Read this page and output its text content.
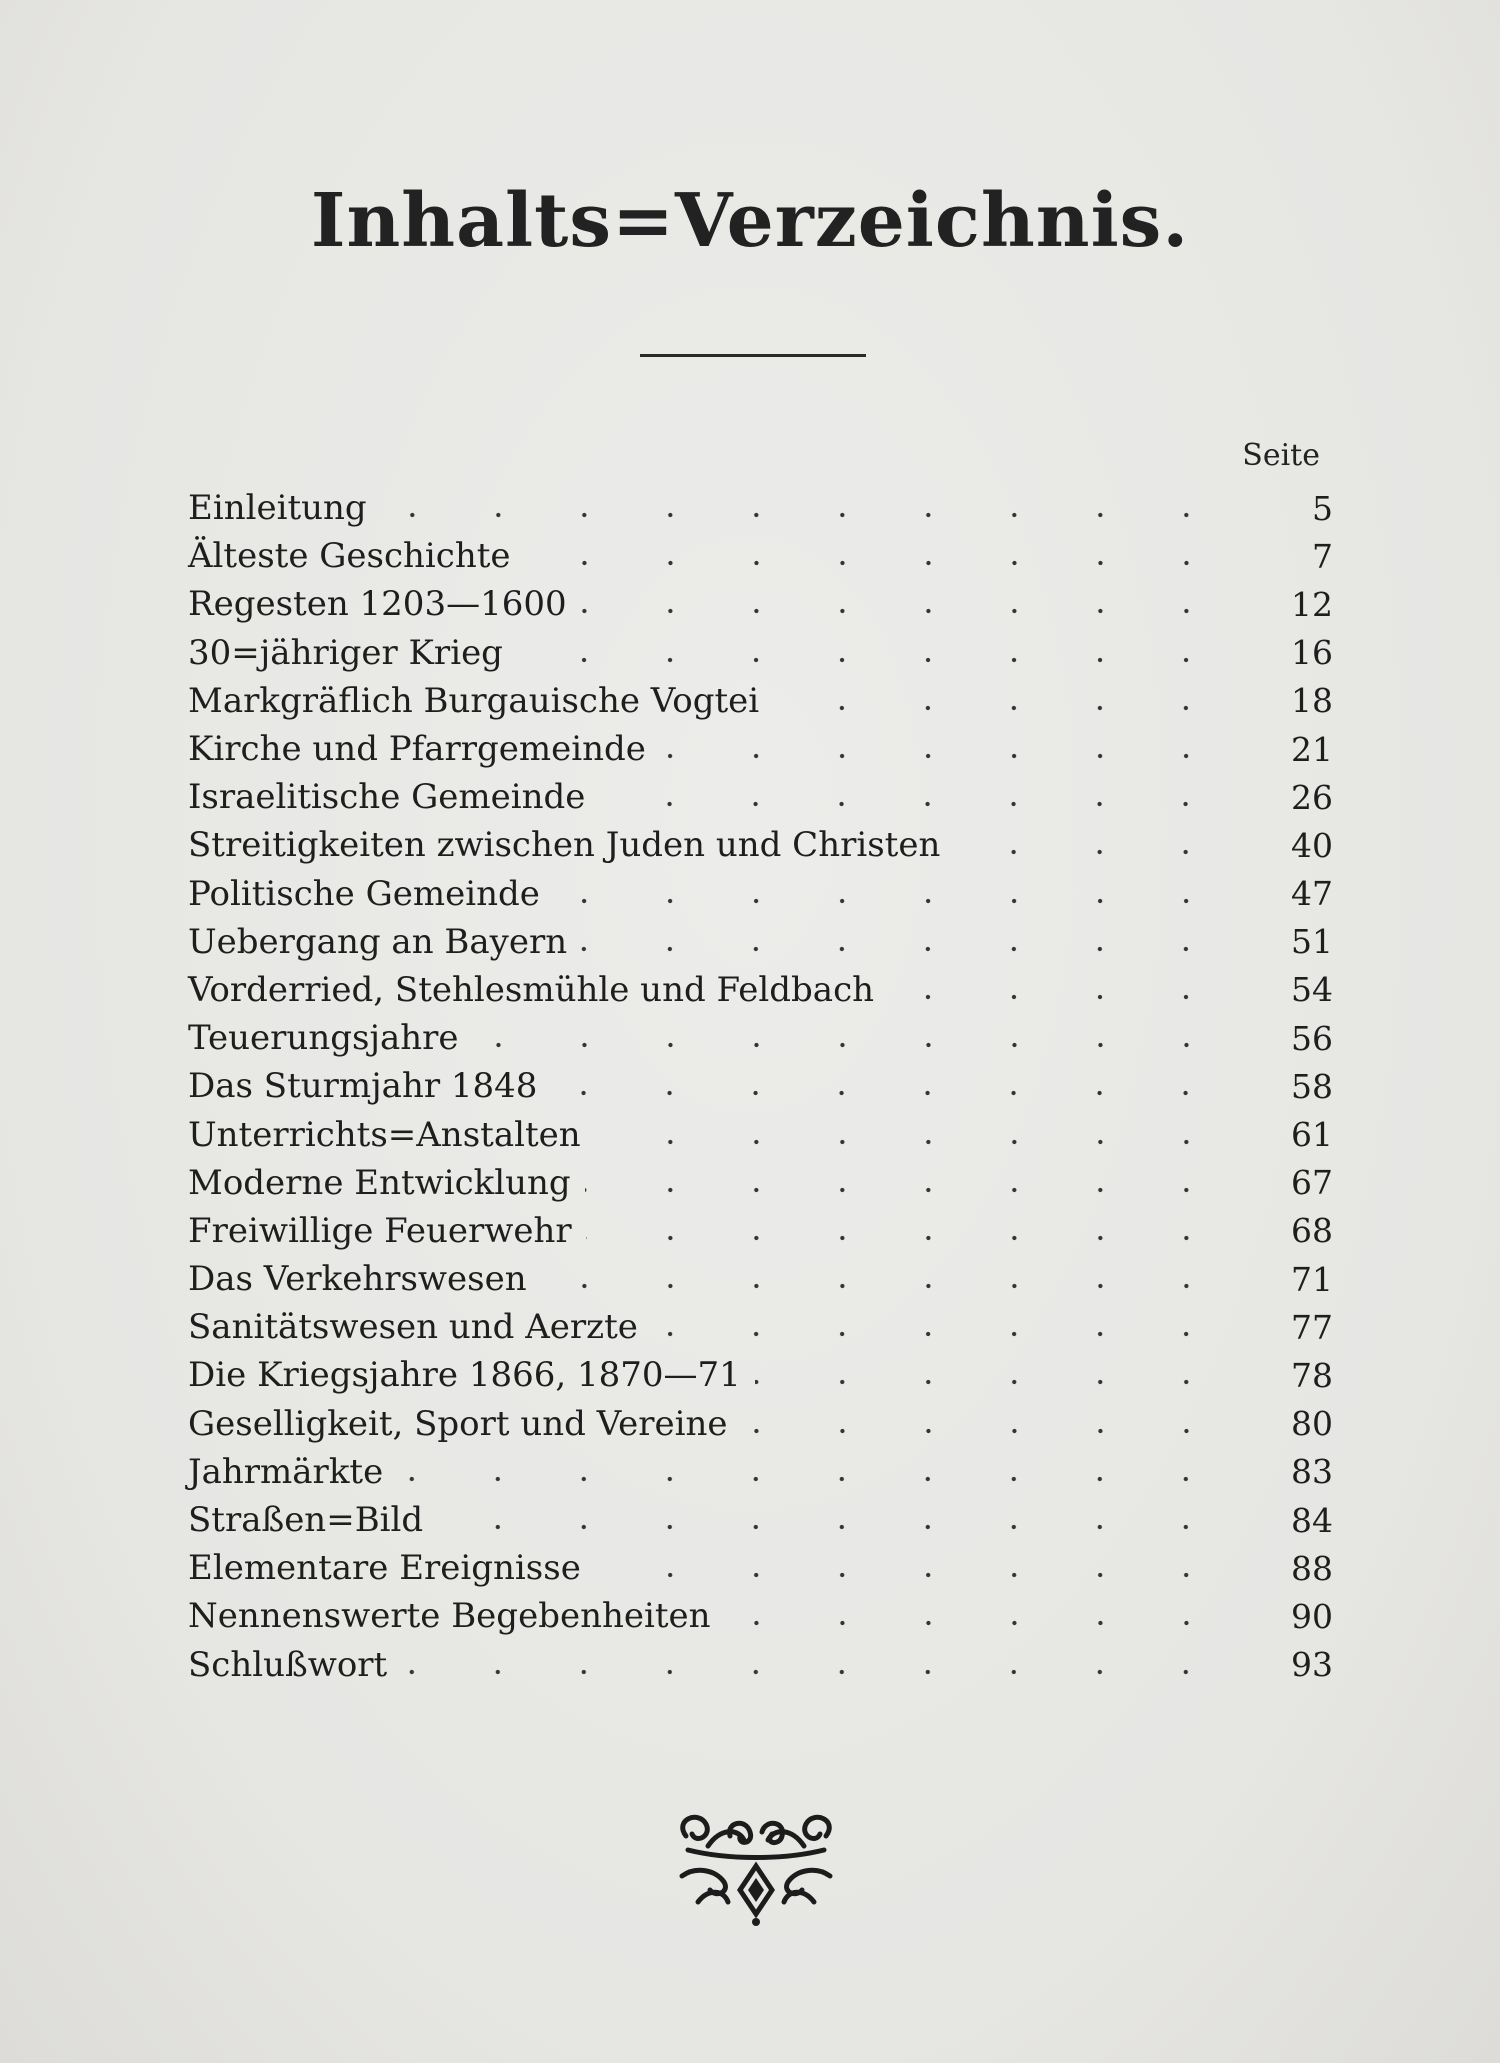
Inhalts=Verzeichnis.
Seite
Einleitung	5
Älteste Geschichte	7
Regesten 1203—1600	12
30=jähriger Krieg	16
Markgräflich Burgauische Vogtei	18
Kirche und Pfarrgemeinde	21
Israelitische Gemeinde	26
Streitigkeiten zwischen Juden und Christen	40
Politische Gemeinde	47
Uebergang an Bayern	51
Vorderried, Stehlesmühle und Feldbach	54
Teuerungsjahre	56
Das Sturmjahr 1848	58
Unterrichts=Anstalten	61
Moderne Entwicklung	67
Freiwillige Feuerwehr	68
Das Verkehrswesen	71
Sanitätswesen und Aerzte	77
Die Kriegsjahre 1866, 1870—71	78
Geselligkeit, Sport und Vereine	80
Jahrmärkte	83
Straßen=Bild	84
Elementare Ereignisse	88
Nennenswerte Begebenheiten	90
Schlußwort	93
